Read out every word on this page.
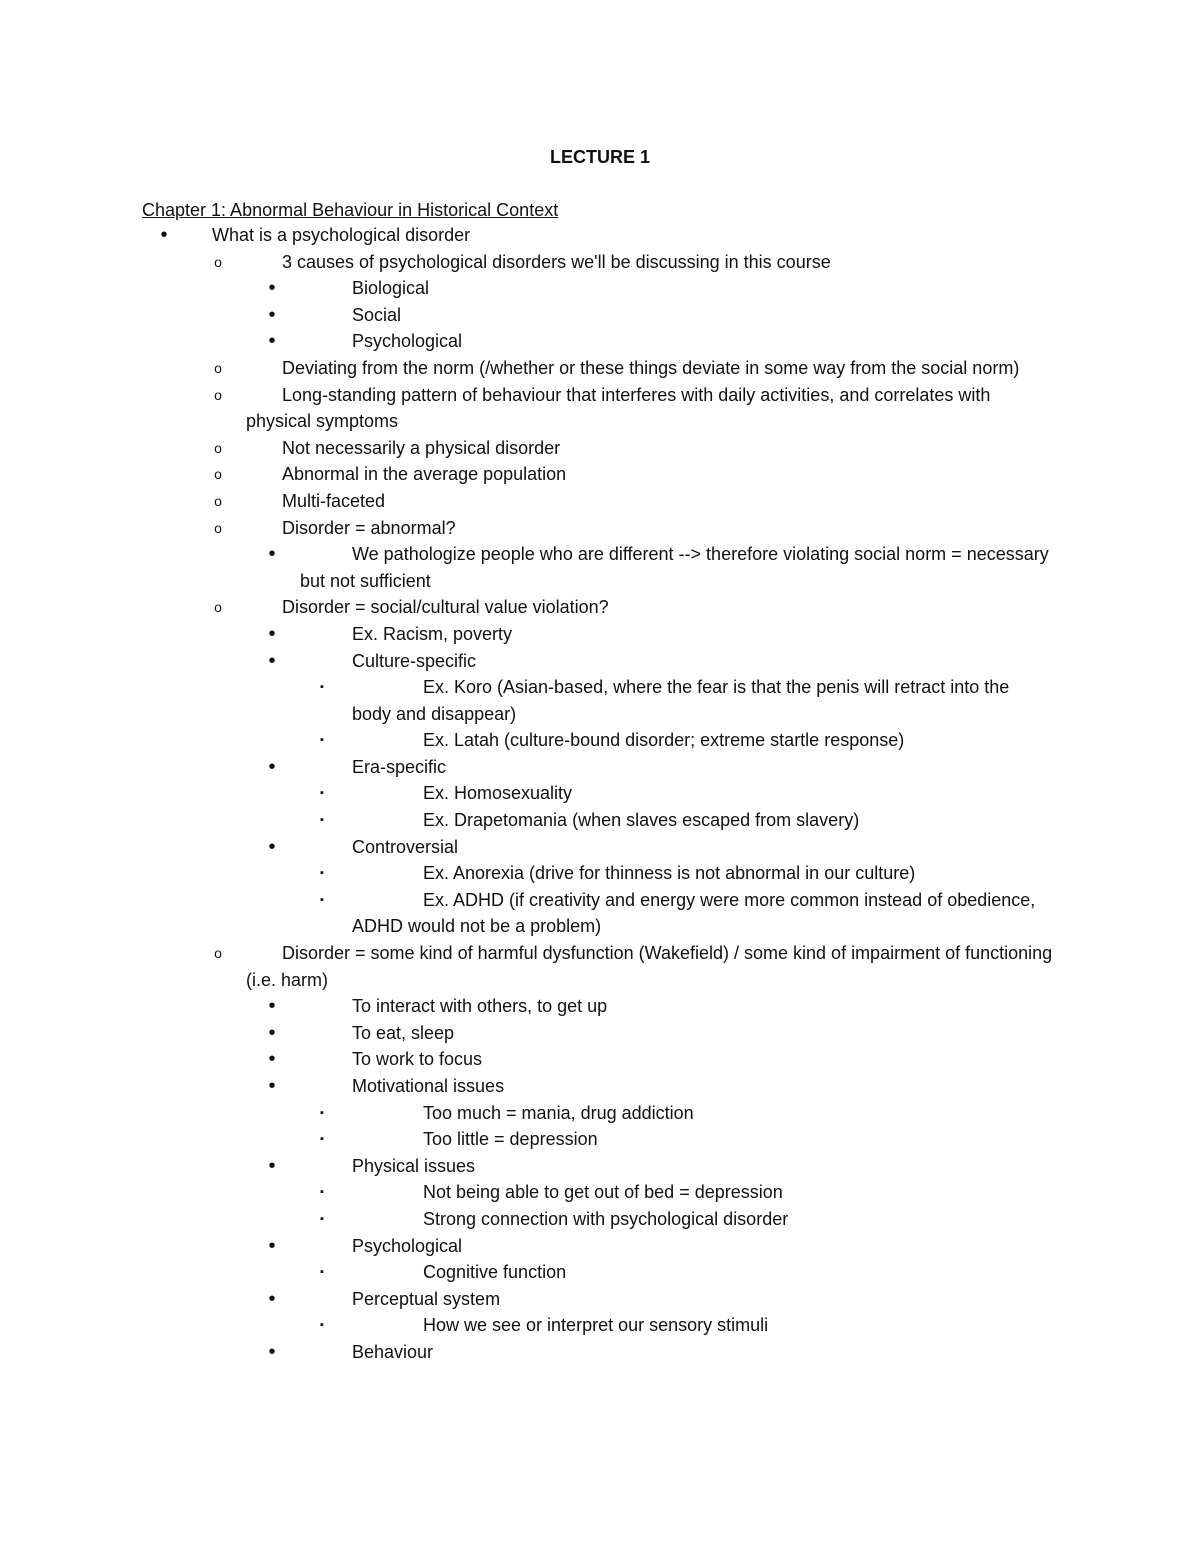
LECTURE 1
Chapter 1: Abnormal Behaviour in Historical Context
• What is a psychological disorder
o	3 causes of psychological disorders we'll be discussing in this course
•	Biological
•	Social
•	Psychological
o	Deviating from the norm (/whether or these things deviate in some way from the social norm)
o	Long-standing pattern of behaviour that interferes with daily activities, and correlates with physical symptoms
o	Not necessarily a physical disorder
o	Abnormal in the average population
o	Multi-faceted
o	Disorder = abnormal?
•	We pathologize people who are different --> therefore violating social norm = necessary but not sufficient
o	Disorder = social/cultural value violation?
•	Ex. Racism, poverty
•	Culture-specific
▪	Ex. Koro (Asian-based, where the fear is that the penis will retract into the body and disappear)
▪	Ex. Latah (culture-bound disorder; extreme startle response)
•	Era-specific
▪	Ex. Homosexuality
▪	Ex. Drapetomania (when slaves escaped from slavery)
•	Controversial
▪	Ex. Anorexia (drive for thinness is not abnormal in our culture)
▪	Ex. ADHD (if creativity and energy were more common instead of obedience, ADHD would not be a problem)
o	Disorder = some kind of harmful dysfunction (Wakefield) / some kind of impairment of functioning (i.e. harm)
•	To interact with others, to get up
•	To eat, sleep
•	To work to focus
•	Motivational issues
▪	Too much = mania, drug addiction
▪	Too little = depression
•	Physical issues
▪	Not being able to get out of bed = depression
▪	Strong connection with psychological disorder
•	Psychological
▪	Cognitive function
•	Perceptual system
▪	How we see or interpret our sensory stimuli
•	Behaviour
